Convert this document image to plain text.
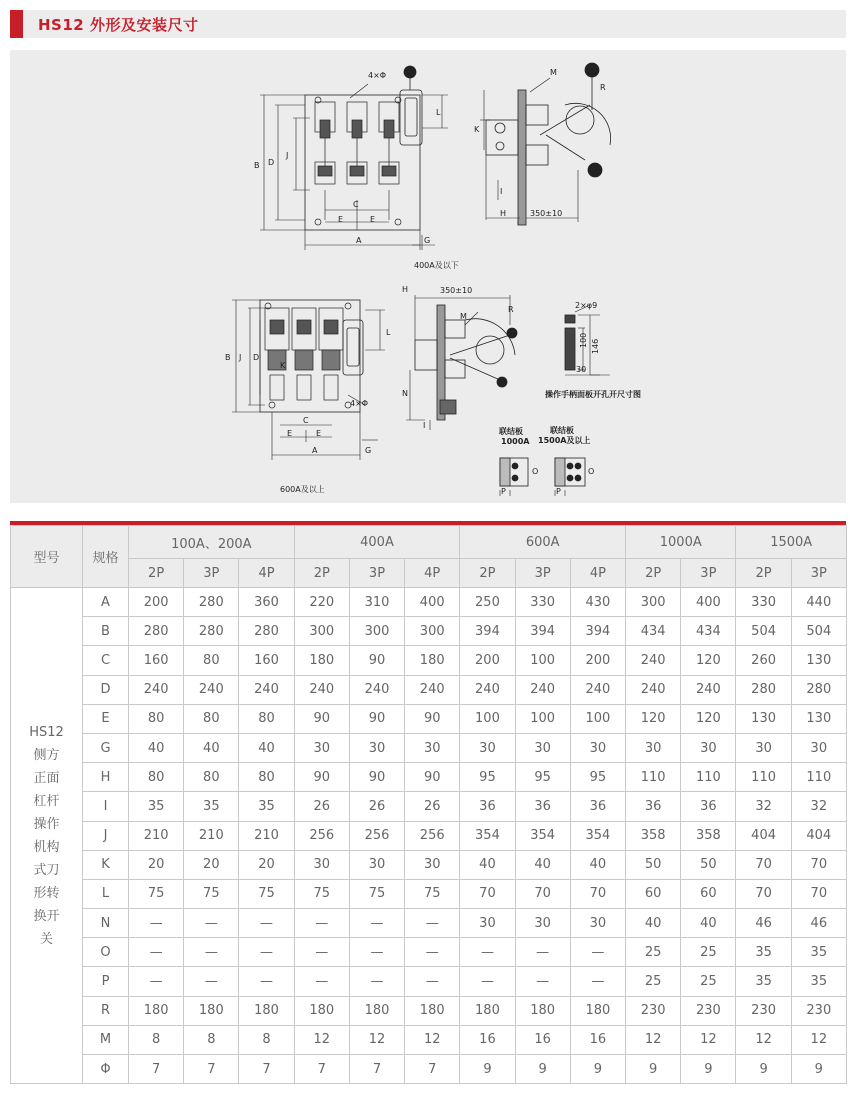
HS12 外形及安装尺寸
B D
J
L
C
E	E
A	G
4×Φ
400A及以下
K
I
H
M
R
350±10
B J D
L
K
C
E	E
A	G
4×Φ
600A及以上
H
N
I
M
R
350±10
2×φ9
100 146
30
操作手柄面板开孔开尺寸图
联结板 1000A
联结板 1500A及以上
P	P
O	O
型号	规格	100A、200A			400A			600A			1000A		1500A	
		2P	3P	4P	2P	3P	4P	2P	3P	4P	2P	3P	2P	3P
HS12侧方正面杠杆操作机构式刀形转换开关	A	200	280	360	220	310	400	250	330	430	300	400	330	440
	B	280	280	280	300	300	300	394	394	394	434	434	504	504
	C	160	80	160	180	90	180	200	100	200	240	120	260	130
	D	240	240	240	240	240	240	240	240	240	240	240	280	280
	E	80	80	80	90	90	90	100	100	100	120	120	130	130
	G	40	40	40	30	30	30	30	30	30	30	30	30	30
	H	80	80	80	90	90	90	95	95	95	110	110	110	110
	I	35	35	35	26	26	26	36	36	36	36	36	32	32
	J	210	210	210	256	256	256	354	354	354	358	358	404	404
	K	20	20	20	30	30	30	40	40	40	50	50	70	70
	L	75	75	75	75	75	75	70	70	70	60	60	70	70
	N	—	—	—	—	—	—	30	30	30	40	40	46	46
	O	—	—	—	—	—	—	—	—	—	25	25	35	35
	P	—	—	—	—	—	—	—	—	—	25	25	35	35
	R	180	180	180	180	180	180	180	180	180	230	230	230	230
	M	8	8	8	12	12	12	16	16	16	12	12	12	12
	Φ	7	7	7	7	7	7	9	9	9	9	9	9	9
